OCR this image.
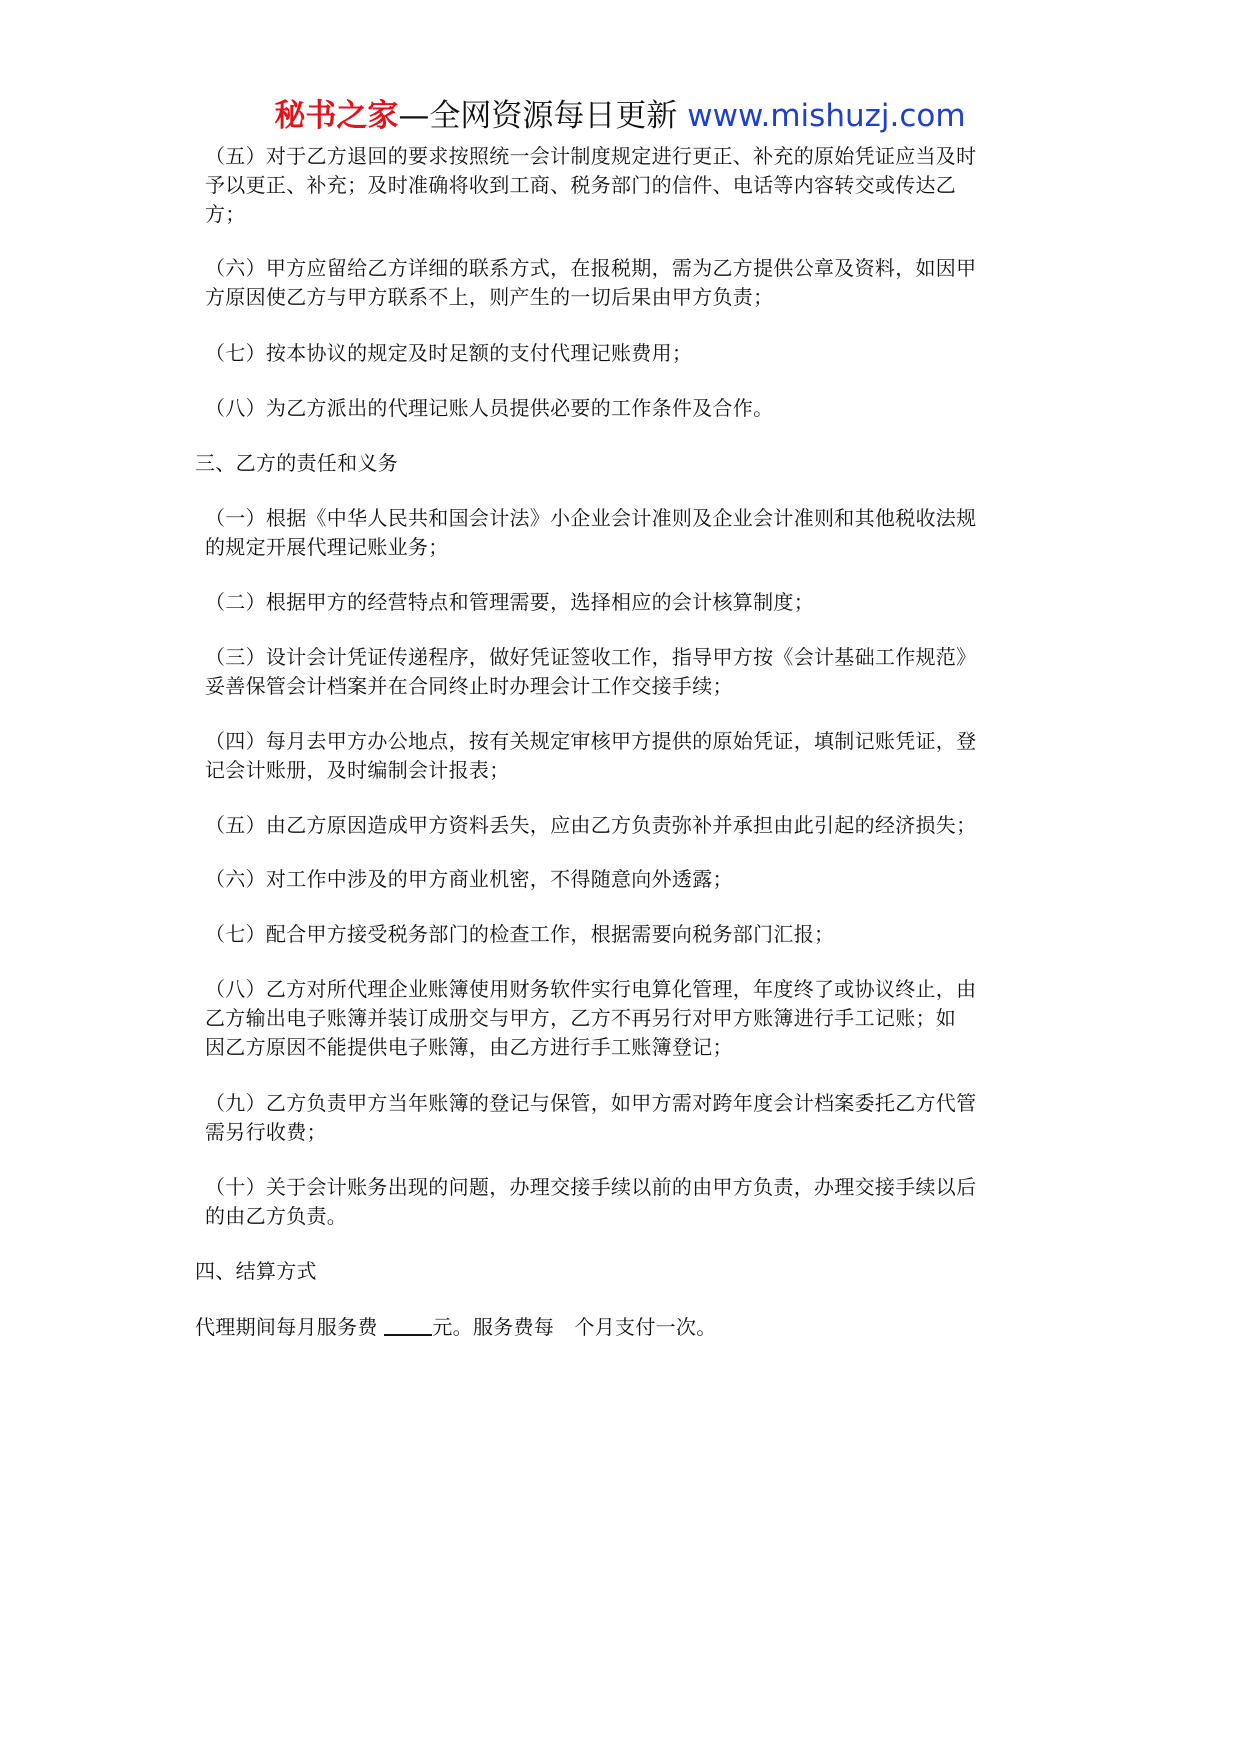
秘书之家—全网资源每日更新 www.mishuzj.com
（五）对于乙方退回的要求按照统一会计制度规定进行更正、补充的原始凭证应当及时
予以更正、补充；及时准确将收到工商、税务部门的信件、电话等内容转交或传达乙
方；
（六）甲方应留给乙方详细的联系方式，在报税期，需为乙方提供公章及资料，如因甲
方原因使乙方与甲方联系不上，则产生的一切后果由甲方负责；
（七）按本协议的规定及时足额的支付代理记账费用；
（八）为乙方派出的代理记账人员提供必要的工作条件及合作。
三、乙方的责任和义务
（一）根据《中华人民共和国会计法》小企业会计准则及企业会计准则和其他税收法规
的规定开展代理记账业务；
（二）根据甲方的经营特点和管理需要，选择相应的会计核算制度；
（三）设计会计凭证传递程序，做好凭证签收工作，指导甲方按《会计基础工作规范》
妥善保管会计档案并在合同终止时办理会计工作交接手续；
（四）每月去甲方办公地点，按有关规定审核甲方提供的原始凭证，填制记账凭证，登
记会计账册，及时编制会计报表；
（五）由乙方原因造成甲方资料丢失，应由乙方负责弥补并承担由此引起的经济损失；
（六）对工作中涉及的甲方商业机密，不得随意向外透露；
（七）配合甲方接受税务部门的检查工作，根据需要向税务部门汇报；
（八）乙方对所代理企业账簿使用财务软件实行电算化管理，年度终了或协议终止，由
乙方输出电子账簿并装订成册交与甲方，乙方不再另行对甲方账簿进行手工记账；如
因乙方原因不能提供电子账簿，由乙方进行手工账簿登记；
（九）乙方负责甲方当年账簿的登记与保管，如甲方需对跨年度会计档案委托乙方代管
需另行收费；
（十）关于会计账务出现的问题，办理交接手续以前的由甲方负责，办理交接手续以后
的由乙方负责。
四、结算方式
代理期间每月服务费 元。服务费每　个月支付一次。
